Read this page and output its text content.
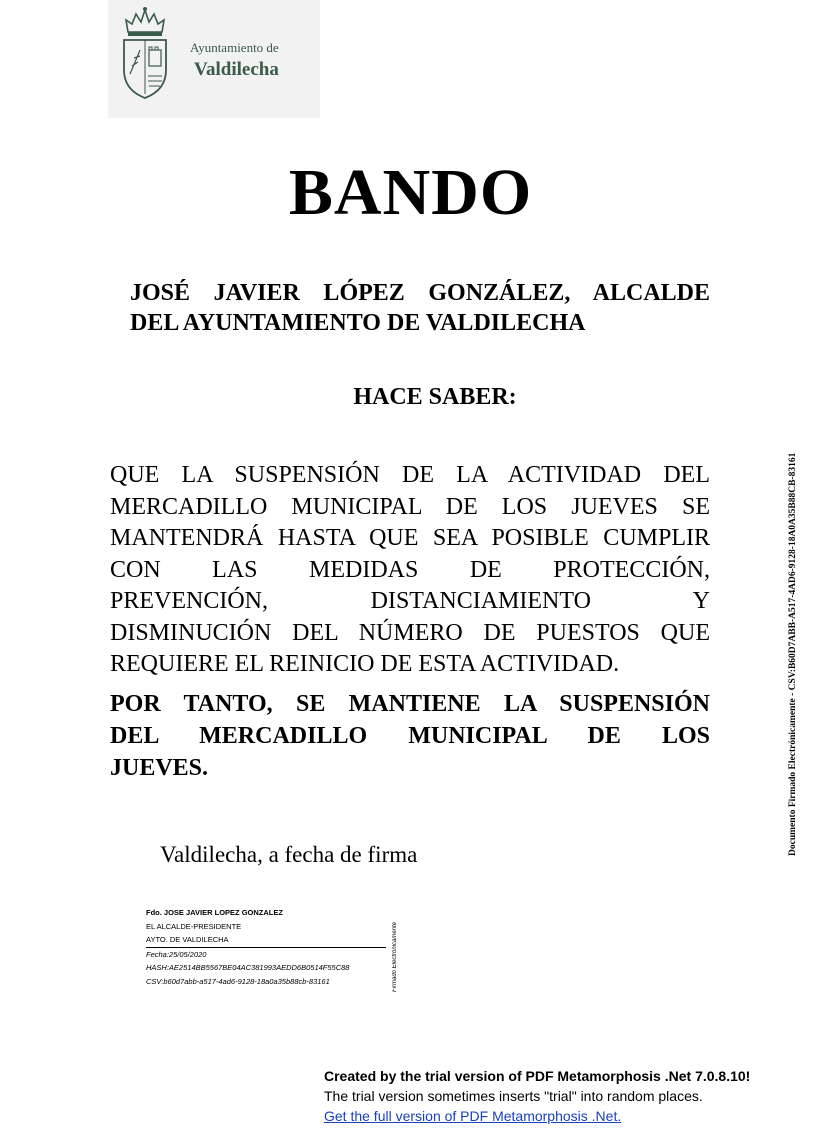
Ayuntamiento de
Valdilecha
BANDO
JOSÉ JAVIER LÓPEZ GONZÁLEZ, ALCALDE
DEL AYUNTAMIENTO DE VALDILECHA
HACE SABER:
QUE LA SUSPENSIÓN DE LA ACTIVIDAD DEL
MERCADILLO MUNICIPAL DE LOS JUEVES SE
MANTENDRÁ HASTA QUE SEA POSIBLE CUMPLIR
CON LAS MEDIDAS DE PROTECCIÓN,
PREVENCIÓN, DISTANCIAMIENTO Y
DISMINUCIÓN DEL NÚMERO DE PUESTOS QUE
REQUIERE EL REINICIO DE ESTA ACTIVIDAD.
POR TANTO, SE MANTIENE LA SUSPENSIÓN
DEL MERCADILLO MUNICIPAL DE LOS
JUEVES.
Valdilecha, a fecha de firma
Fdo. JOSE JAVIER LOPEZ GONZALEZ
EL ALCALDE-PRESIDENTE
AYTO. DE VALDILECHA
Fecha:25/05/2020
HASH:AE2514BB5567BE04AC381993AEDD6B0514F55C88
CSV:b60d7abb-a517-4ad6-9128-18a0a35b88cb-83161	Firmado Electrónicamente
Documento Firmado Electrónicamente - CSV:B60D7ABB-A517-4AD6-9128-18A0A35B88CB-83161
Created by the trial version of PDF Metamorphosis .Net 7.0.8.10!
The trial version sometimes inserts "trial" into random places.
Get the full version of PDF Metamorphosis .Net.
